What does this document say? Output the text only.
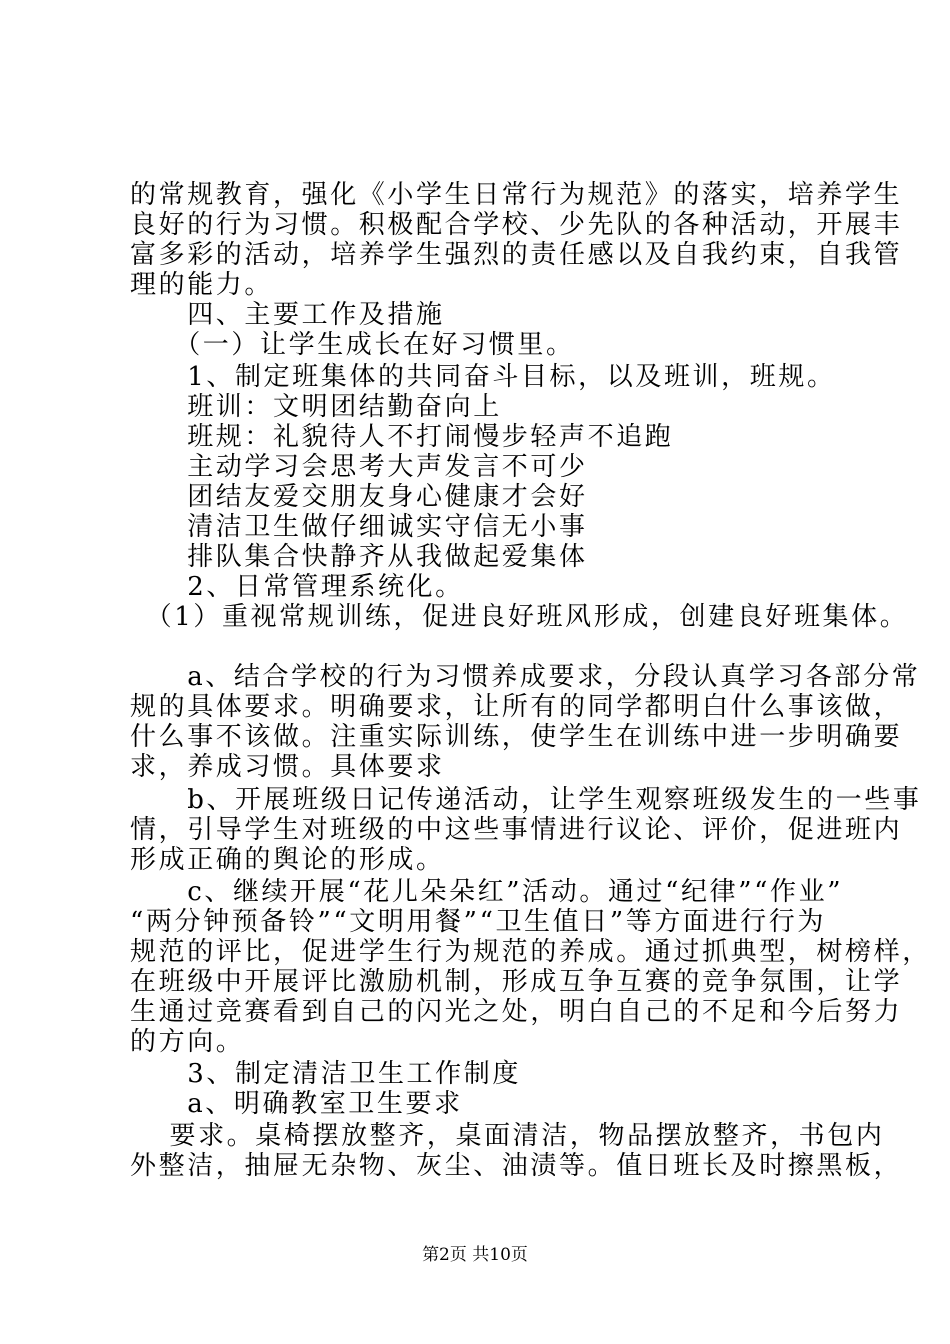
的常规教育，强化《小学生日常行为规范》的落实，培养学生
良好的行为习惯。积极配合学校、少先队的各种活动，开展丰
富多彩的活动，培养学生强烈的责任感以及自我约束，自我管
理的能力。
　　四、主要工作及措施
　　（一）让学生成长在好习惯里。
　　1、制定班集体的共同奋斗目标，以及班训，班规。
　　班训：文明团结勤奋向上
　　班规：礼貌待人不打闹慢步轻声不追跑
　　主动学习会思考大声发言不可少
　　团结友爱交朋友身心健康才会好
　　清洁卫生做仔细诚实守信无小事
　　排队集合快静齐从我做起爱集体
　　2、日常管理系统化。
　（1）重视常规训练，促进良好班风形成，创建良好班集体。
　　a、结合学校的行为习惯养成要求，分段认真学习各部分常
规的具体要求。明确要求，让所有的同学都明白什么事该做，
什么事不该做。注重实际训练，使学生在训练中进一步明确要
求，养成习惯。具体要求
　　b、开展班级日记传递活动，让学生观察班级发生的一些事
情，引导学生对班级的中这些事情进行议论、评价，促进班内
形成正确的舆论的形成。
　　c、继续开展“花儿朵朵红”活动。通过“纪律”“作业”
“两分钟预备铃”“文明用餐”“卫生值日”等方面进行行为
规范的评比，促进学生行为规范的养成。通过抓典型，树榜样，
在班级中开展评比激励机制，形成互争互赛的竞争氛围，让学
生通过竞赛看到自己的闪光之处，明白自己的不足和今后努力
的方向。
　　3、制定清洁卫生工作制度
　　a、明确教室卫生要求
　 要求。桌椅摆放整齐，桌面清洁，物品摆放整齐，书包内
外整洁，抽屉无杂物、灰尘、油渍等。值日班长及时擦黑板，
第2页 共10页
